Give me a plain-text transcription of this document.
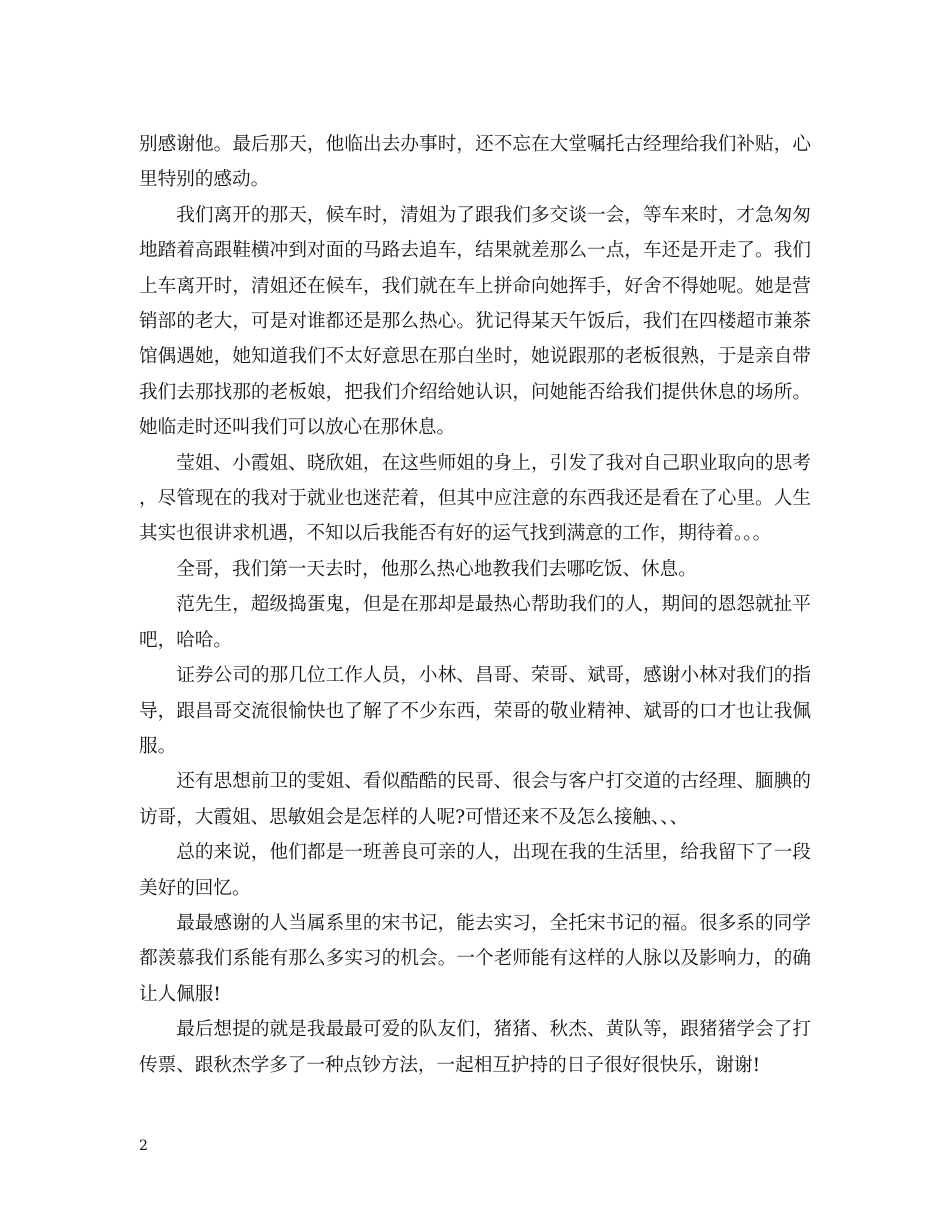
别感谢他。最后那天，他临出去办事时，还不忘在大堂嘱托古经理给我们补贴，心里特别的感动。

我们离开的那天，候车时，清姐为了跟我们多交谈一会，等车来时，才急匆匆地踏着高跟鞋横冲到对面的马路去追车，结果就差那么一点，车还是开走了。我们上车离开时，清姐还在候车，我们就在车上拼命向她挥手，好舍不得她呢。她是营销部的老大，可是对谁都还是那么热心。犹记得某天午饭后，我们在四楼超市兼茶馆偶遇她，她知道我们不太好意思在那白坐时，她说跟那的老板很熟，于是亲自带我们去那找那的老板娘，把我们介绍给她认识，问她能否给我们提供休息的场所。她临走时还叫我们可以放心在那休息。

莹姐、小霞姐、晓欣姐，在这些师姐的身上，引发了我对自己职业取向的思考，尽管现在的我对于就业也迷茫着，但其中应注意的东西我还是看在了心里。人生其实也很讲求机遇，不知以后我能否有好的运气找到满意的工作，期待着。。。

全哥，我们第一天去时，他那么热心地教我们去哪吃饭、休息。

范先生，超级捣蛋鬼，但是在那却是最热心帮助我们的人，期间的恩怨就扯平吧，哈哈。

证券公司的那几位工作人员，小林、昌哥、荣哥、斌哥，感谢小林对我们的指导，跟昌哥交流很愉快也了解了不少东西，荣哥的敬业精神、斌哥的口才也让我佩服。

还有思想前卫的雯姐、看似酷酷的民哥、很会与客户打交道的古经理、腼腆的访哥，大霞姐、思敏姐会是怎样的人呢?可惜还来不及怎么接触、、、

总的来说，他们都是一班善良可亲的人，出现在我的生活里，给我留下了一段美好的回忆。

最最感谢的人当属系里的宋书记，能去实习，全托宋书记的福。很多系的同学都羡慕我们系能有那么多实习的机会。一个老师能有这样的人脉以及影响力，的确让人佩服!

最后想提的就是我最最可爱的队友们，猪猪、秋杰、黄队等，跟猪猪学会了打传票、跟秋杰学多了一种点钞方法，一起相互护持的日子很好很快乐，谢谢!

2
